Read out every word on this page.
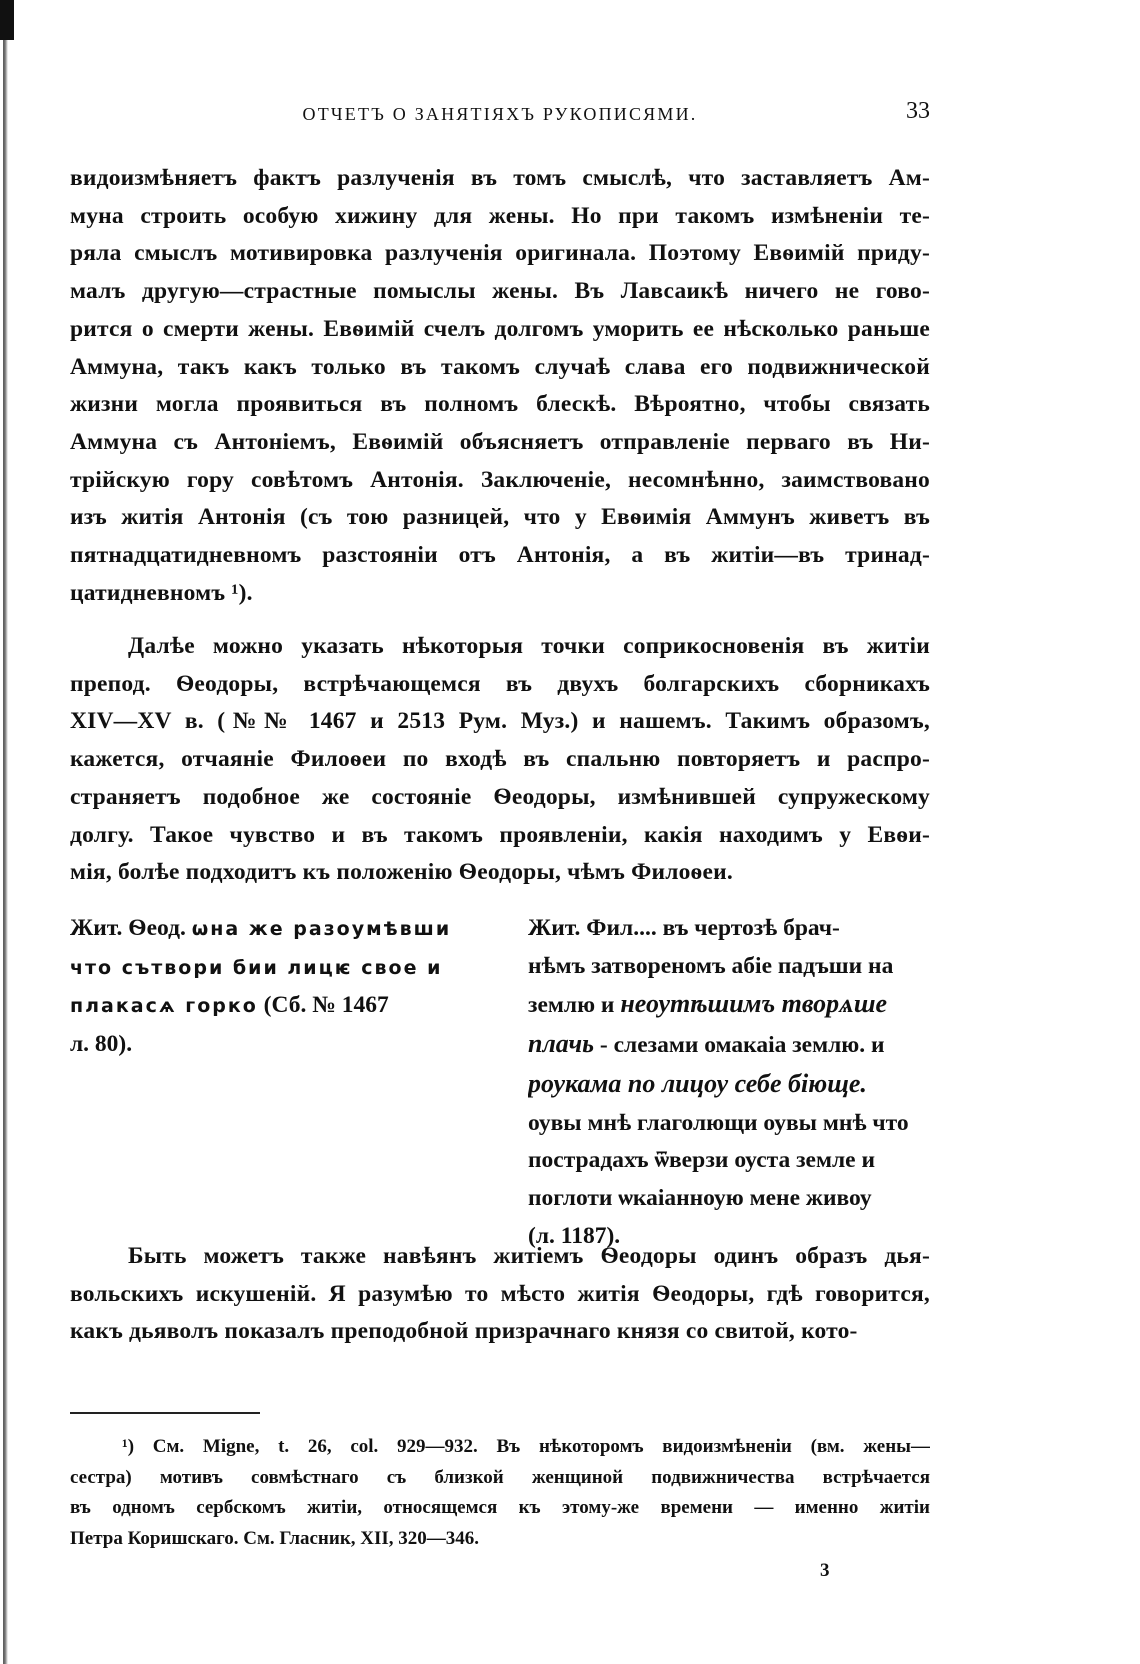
ОТЧЕТЪ О ЗАНЯТІЯХЪ РУКОПИСЯМИ.	33
видоизмѣняетъ фактъ разлученія въ томъ смыслѣ, что заставляетъ Ам-
муна строить особую хижину для жены. Но при такомъ измѣненіи те-
ряла смыслъ мотивировка разлученія оригинала. Поэтому Евѳимій приду-
малъ другую—страстные помыслы жены. Въ Лавсаикѣ ничего не гово-
рится о смерти жены. Евѳимій счелъ долгомъ уморить ее нѣсколько раньше
Аммуна, такъ какъ только въ такомъ случаѣ слава его подвижнической
жизни могла проявиться въ полномъ блескѣ. Вѣроятно, чтобы связать
Аммуна съ Антоніемъ, Евѳимій объясняетъ отправленіе перваго въ Ни-
трійскую гору совѣтомъ Антонія. Заключеніе, несомнѣнно, заимствовано
изъ житія Антонія (съ тою разницей, что у Евѳимія Аммунъ живетъ въ
пятнадцатидневномъ разстояніи отъ Антонія, а въ житіи—въ тринад-
цатидневномъ ¹).
Далѣе можно указать нѣкоторыя точки соприкосновенія въ житіи
препод. Ѳеодоры, встрѣчающемся въ двухъ болгарскихъ сборникахъ
XIV—XV в. (№№ 1467 и 2513 Рум. Муз.) и нашемъ. Такимъ образомъ,
кажется, отчаяніе Филоѳеи по входѣ въ спальню повторяетъ и распро-
страняетъ подобное же состояніе Ѳеодоры, измѣнившей супружескому
долгу. Такое чувство и въ такомъ проявленіи, какія находимъ у Евѳи-
мія, болѣе подходитъ къ положенію Ѳеодоры, чѣмъ Филоѳеи.
Жит. Ѳеод. ѡна же разоумѣвши
что сътвори бии лицѥ свое и
плакасѧ горко (Сб. № 1467
л. 80).
Жит. Фил.... въ чертозѣ брач-
нѣмъ затвореномъ абіе падъши на
землю и неоутѣшимъ творѧше
плачь - слезами омакаіа землю. и
роукама по лицоу себе біюще.
оувы мнѣ глаголющи оувы мнѣ что
пострадахъ ѿверзи оуста земле и
поглоти ѡкаіанноую мене живоу
(л. 1187).
Быть можетъ также навѣянъ житіемъ Ѳеодоры одинъ образъ дья-
вольскихъ искушеній. Я разумѣю то мѣсто житія Ѳеодоры, гдѣ говорится,
какъ дьяволъ показалъ преподобной призрачнаго князя со свитой, кото-
¹) См. Migne, t. 26, col. 929—932. Въ нѣкоторомъ видоизмѣненіи (вм. жены—
сестра) мотивъ совмѣстнаго съ близкой женщиной подвижничества встрѣчается
въ одномъ сербскомъ житіи, относящемся къ этому-же времени — именно житіи
Петра Коришскаго. См. Гласник, XII, 320—346.
3
